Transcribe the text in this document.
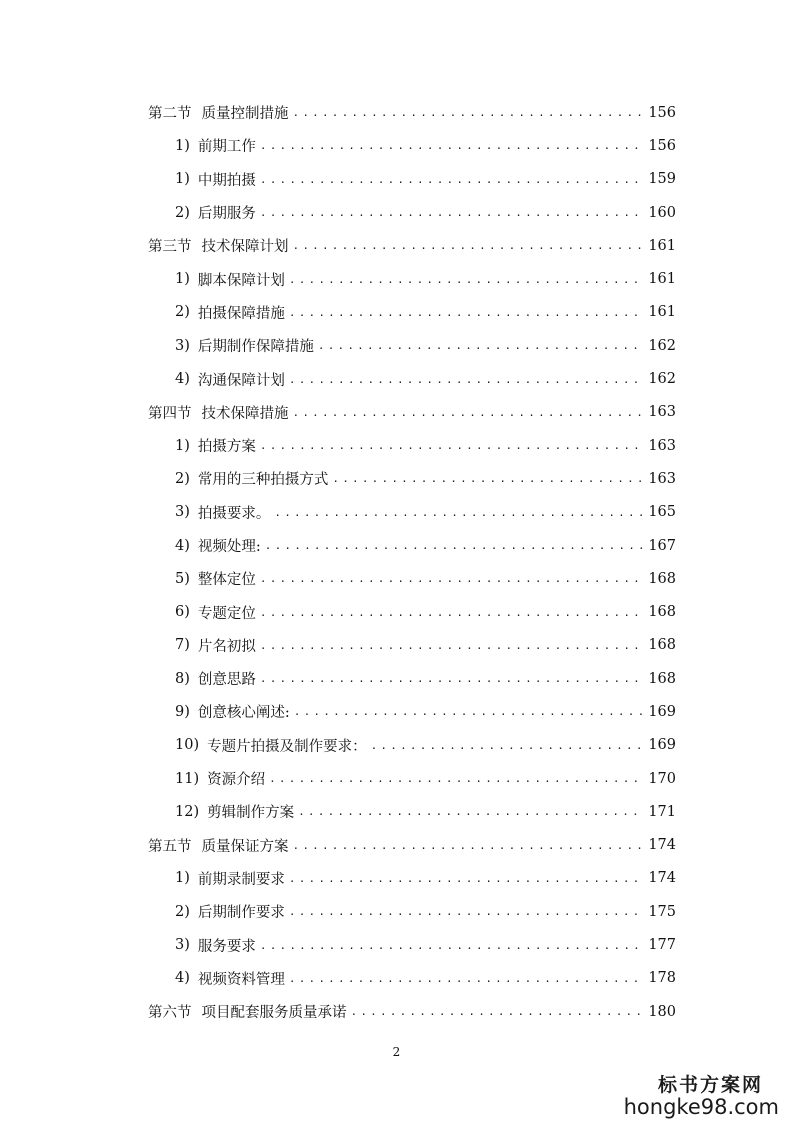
第二节 质量控制措施 .....	156
1) 前期工作 .....	156
1) 中期拍摄 .....	159
2) 后期服务 .....	160
第三节 技术保障计划 .....	161
1) 脚本保障计划 .....	161
2) 拍摄保障措施 .....	161
3) 后期制作保障措施 .....	162
4) 沟通保障计划 .....	162
第四节 技术保障措施 .....	163
1) 拍摄方案 .....	163
2) 常用的三种拍摄方式 .....	163
3) 拍摄要求。 .....	165
4) 视频处理: .....	167
5) 整体定位 .....	168
6) 专题定位 .....	168
7) 片名初拟 .....	168
8) 创意思路 .....	168
9) 创意核心阐述: .....	169
10) 专题片拍摄及制作要求： .....	169
11) 资源介绍 .....	170
12) 剪辑制作方案 .....	171
第五节 质量保证方案 .....	174
1) 前期录制要求 .....	174
2) 后期制作要求 .....	175
3) 服务要求 .....	177
4) 视频资料管理 .....	178
第六节 项目配套服务质量承诺 .....	180
2
标书方案网
hongke98.com
